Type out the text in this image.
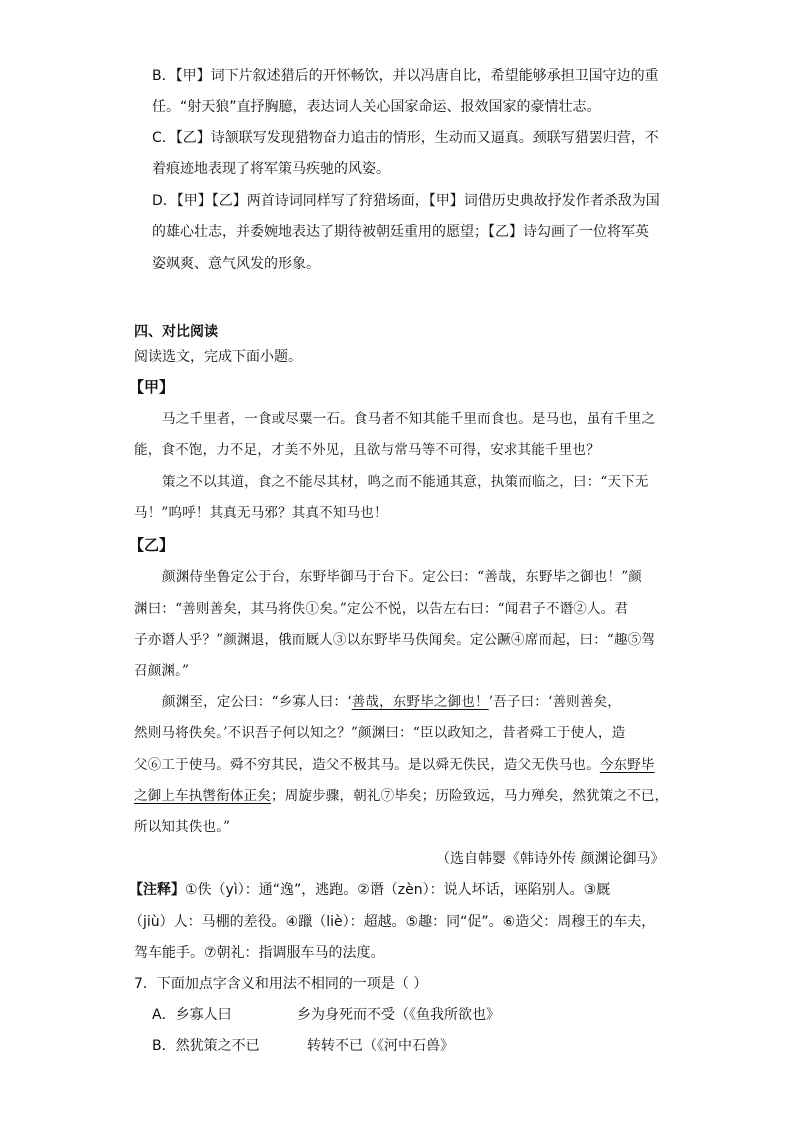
B．【甲】词下片叙述猎后的开怀畅饮，并以冯唐自比，希望能够承担卫国守边的重
任。“射天狼”直抒胸臆，表达词人关心国家命运、报效国家的豪情壮志。
C．【乙】诗颔联写发现猎物奋力追击的情形，生动而又逼真。颈联写猎罢归营，不
着痕迹地表现了将军策马疾驰的风姿。
D．【甲】【乙】两首诗词同样写了狩猎场面，【甲】词借历史典故抒发作者杀敌为国
的雄心壮志，并委婉地表达了期待被朝廷重用的愿望；【乙】诗勾画了一位将军英
姿飒爽、意气风发的形象。
四、对比阅读
阅读选文，完成下面小题。
【甲】
马之千里者，一食或尽粟一石。食马者不知其能千里而食也。是马也，虽有千里之
能，食不饱，力不足，才美不外见，且欲与常马等不可得，安求其能千里也？
策之不以其道，食之不能尽其材，鸣之而不能通其意，执策而临之，曰：“天下无
马！”呜呼！其真无马邪？其真不知马也！
【乙】
颜渊侍坐鲁定公于台，东野毕御马于台下。定公曰：“善哉，东野毕之御也！”颜
渊曰：“善则善矣，其马将佚①矣。”定公不悦，以告左右曰：“闻君子不谮②人。君
子亦谮人乎？”颜渊退，俄而厩人③以东野毕马佚闻矣。定公蹶④席而起，曰：“趣⑤驾
召颜渊。”
颜渊至，定公曰：“乡寡人曰：‘善哉，东野毕之御也！’吾子曰：‘善则善矣，
然则马将佚矣。’不识吾子何以知之？”颜渊曰：“臣以政知之，昔者舜工于使人，造
父⑥工于使马。舜不穷其民，造父不极其马。是以舜无佚民，造父无佚马也。今东野毕
之御上车执辔衔体正矣；周旋步骤，朝礼⑦毕矣；历险致远，马力殚矣，然犹策之不已，
所以知其佚也。”
（选自韩婴《韩诗外传 颜渊论御马》
【注释】①佚（yì）：通“逸”，逃跑。②谮（zèn）：说人坏话，诬陷别人。③厩
（jiù）人：马棚的差役。④躐（liè）：超越。⑤趣：同“促”。⑥造父：周穆王的车夫，
驾车能手。⑦朝礼：指调服车马的法度。
7．下面加点字含义和用法不相同的一项是（ ）
A．乡寡人曰	乡为身死而不受（《鱼我所欲也》
B．然犹策之不已	转转不已（《河中石兽》
